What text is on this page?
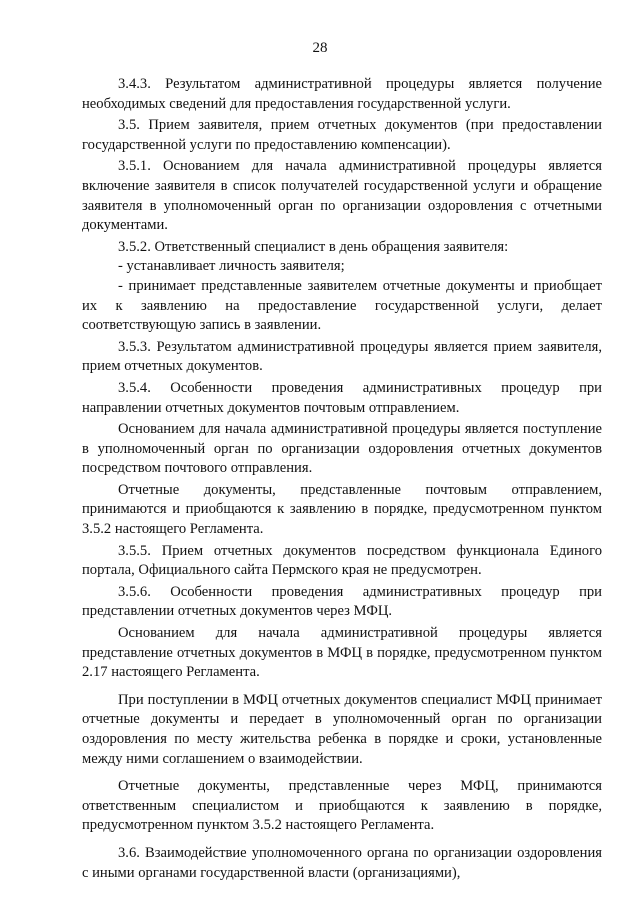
28

3.4.3. Результатом административной процедуры является получение необходимых сведений для предоставления государственной услуги.

3.5. Прием заявителя, прием отчетных документов (при предоставлении государственной услуги по предоставлению компенсации).

3.5.1. Основанием для начала административной процедуры является включение заявителя в список получателей государственной услуги и обращение заявителя в уполномоченный орган по организации оздоровления с отчетными документами.

3.5.2. Ответственный специалист в день обращения заявителя:

- устанавливает личность заявителя;

- принимает представленные заявителем отчетные документы и приобщает их к заявлению на предоставление государственной услуги, делает соответствующую запись в заявлении.

3.5.3. Результатом административной процедуры является прием заявителя, прием отчетных документов.

3.5.4. Особенности проведения административных процедур при направлении отчетных документов почтовым отправлением.

Основанием для начала административной процедуры является поступление в уполномоченный орган по организации оздоровления отчетных документов посредством почтового отправления.

Отчетные документы, представленные почтовым отправлением, принимаются и приобщаются к заявлению в порядке, предусмотренном пунктом 3.5.2 настоящего Регламента.

3.5.5. Прием отчетных документов посредством функционала Единого портала, Официального сайта Пермского края не предусмотрен.

3.5.6. Особенности проведения административных процедур при представлении отчетных документов через МФЦ.

Основанием для начала административной процедуры является представление отчетных документов в МФЦ в порядке, предусмотренном пунктом 2.17 настоящего Регламента.

При поступлении в МФЦ отчетных документов специалист МФЦ принимает отчетные документы и передает в уполномоченный орган по организации оздоровления по месту жительства ребенка в порядке и сроки, установленные между ними соглашением о взаимодействии.

Отчетные документы, представленные через МФЦ, принимаются ответственным специалистом и приобщаются к заявлению в порядке, предусмотренном пунктом 3.5.2 настоящего Регламента.

3.6. Взаимодействие уполномоченного органа по организации оздоровления с иными органами государственной власти (организациями),
